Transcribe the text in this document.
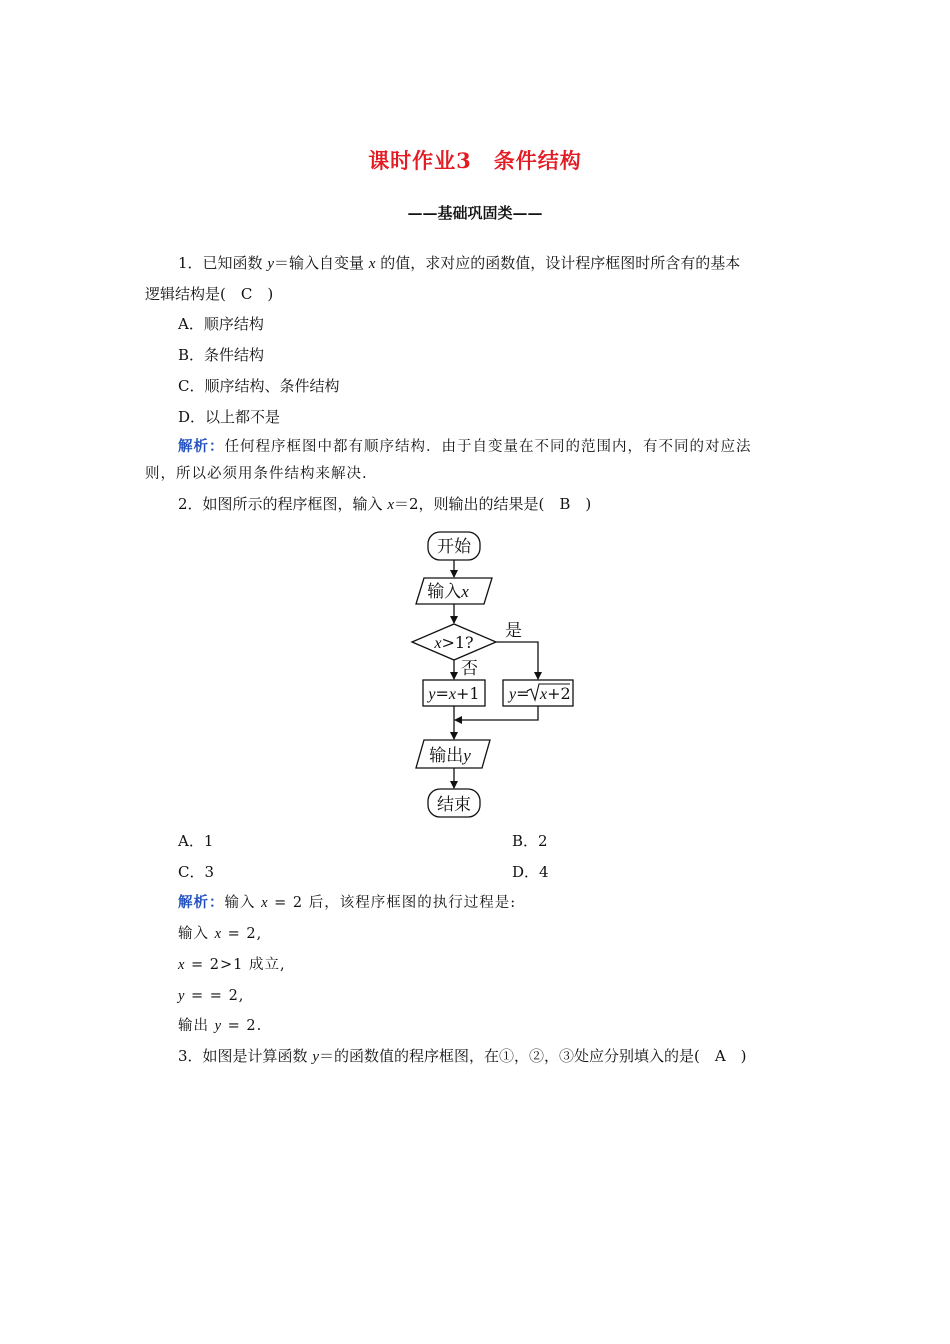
课时作业3　条件结构
——基础巩固类——
1．已知函数 y＝输入自变量 x 的值，求对应的函数值，设计程序框图时所含有的基本
逻辑结构是(　C　)
A．顺序结构
B．条件结构
C．顺序结构、条件结构
D．以上都不是
解析：任何程序框图中都有顺序结构．由于自变量在不同的范围内，有不同的对应法
则，所以必须用条件结构来解决.
2．如图所示的程序框图，输入 x＝2，则输出的结果是(　B　)
开始
输入x
x>1?
是
否
y=x+1 y= x+2
输出y
结束
A．1	B．2
C．3	D．4
解析：输入 x = 2 后，该程序框图的执行过程是:
输入 x = 2,
x = 2>1 成立,
y = = 2,
输出 y = 2.
3．如图是计算函数 y＝的函数值的程序框图，在①，②，③处应分别填入的是(　A　)
